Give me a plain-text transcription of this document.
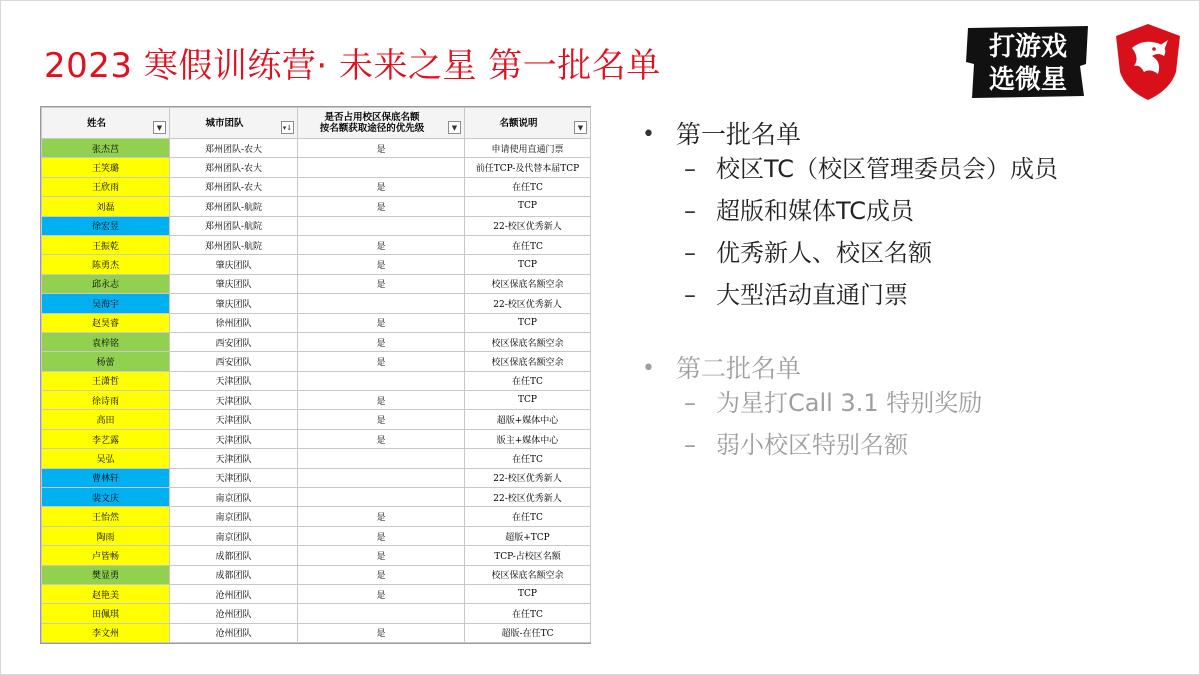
2023 寒假训练营· 未来之星 第一批名单	打游戏
选微星
姓名 ▼	城市团队 ▾↓	是否占用校区保底名额
按名额获取途径的优先级 ▼	名额说明 ▼

张杰莒	郑州团队-农大	是	申请使用直通门票
王笑璐	郑州团队-农大		前任TCP-及代替本届TCP
王欣雨	郑州团队-农大	是	在任TC
刘磊	郑州团队-航院	是	TCP
徐宏昱	郑州团队-航院		22-校区优秀新人
王振乾	郑州团队-航院	是	在任TC
陈勇杰	肇庆团队	是	TCP
邱永志	肇庆团队	是	校区保底名额空余
吴海宇	肇庆团队		22-校区优秀新人
赵昊睿	徐州团队	是	TCP
袁梓铭	西安团队	是	校区保底名额空余
杨蕾	西安团队	是	校区保底名额空余
王潇哲	天津团队		在任TC
徐诗雨	天津团队	是	TCP
高田	天津团队	是	超版+媒体中心
李艺露	天津团队	是	版主+媒体中心
吴弘	天津团队		在任TC
曹林轩	天津团队		22-校区优秀新人
裴文庆	南京团队		22-校区优秀新人
王怡然	南京团队	是	在任TC
陶雨	南京团队	是	超版+TCP
卢皆畅	成都团队	是	TCP-占校区名额
樊显勇	成都团队	是	校区保底名额空余
赵艳美	沧州团队	是	TCP
田佩琪	沧州团队		在任TC
李文州	沧州团队	是	超版-在任TC
• 第一批名单
– 校区TC（校区管理委员会）成员
– 超版和媒体TC成员
– 优秀新人、校区名额
– 大型活动直通门票
• 第二批名单
– 为星打Call 3.1 特别奖励
– 弱小校区特别名额
